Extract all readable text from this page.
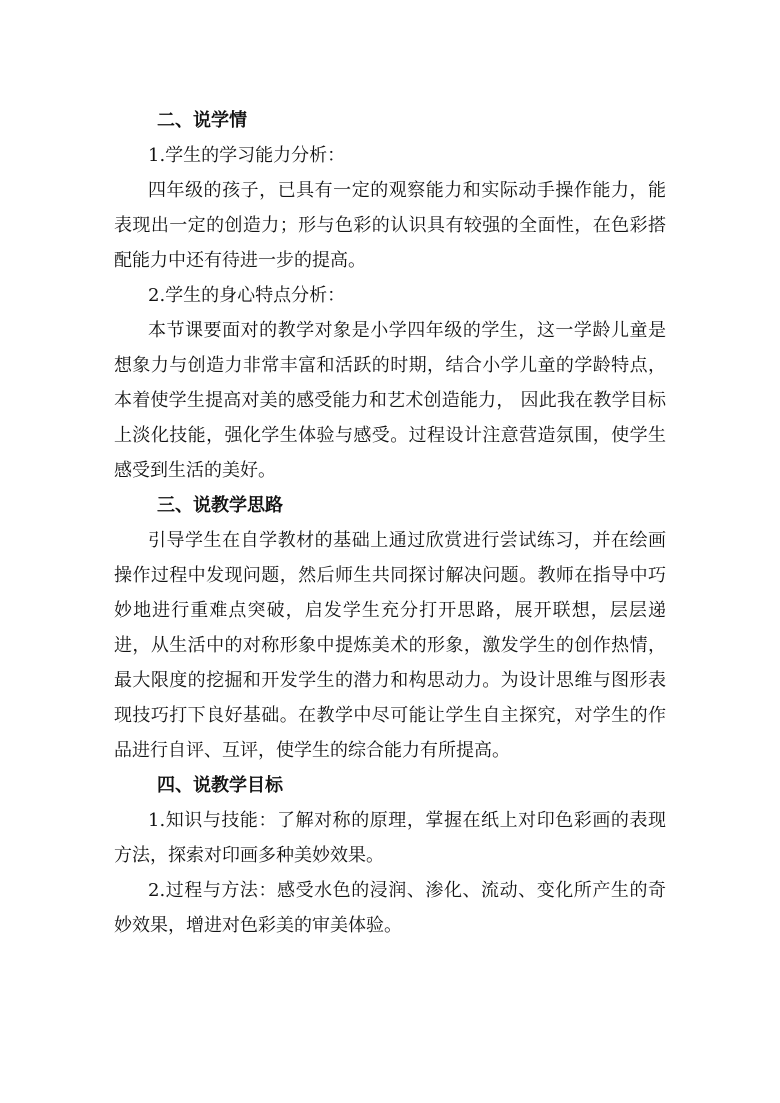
二、说学情

1.学生的学习能力分析：

四年级的孩子，已具有一定的观察能力和实际动手操作能力，能表现出一定的创造力；形与色彩的认识具有较强的全面性，在色彩搭配能力中还有待进一步的提高。

2.学生的身心特点分析：

本节课要面对的教学对象是小学四年级的学生，这一学龄儿童是想象力与创造力非常丰富和活跃的时期，结合小学儿童的学龄特点，本着使学生提高对美的感受能力和艺术创造能力， 因此我在教学目标上淡化技能，强化学生体验与感受。过程设计注意营造氛围，使学生感受到生活的美好。

三、说教学思路

引导学生在自学教材的基础上通过欣赏进行尝试练习，并在绘画操作过程中发现问题，然后师生共同探讨解决问题。教师在指导中巧妙地进行重难点突破，启发学生充分打开思路，展开联想，层层递进，从生活中的对称形象中提炼美术的形象，激发学生的创作热情，最大限度的挖掘和开发学生的潜力和构思动力。为设计思维与图形表现技巧打下良好基础。在教学中尽可能让学生自主探究，对学生的作品进行自评、互评，使学生的综合能力有所提高。

四、说教学目标

1.知识与技能：了解对称的原理，掌握在纸上对印色彩画的表现方法，探索对印画多种美妙效果。

2.过程与方法：感受水色的浸润、渗化、流动、变化所产生的奇妙效果，增进对色彩美的审美体验。
